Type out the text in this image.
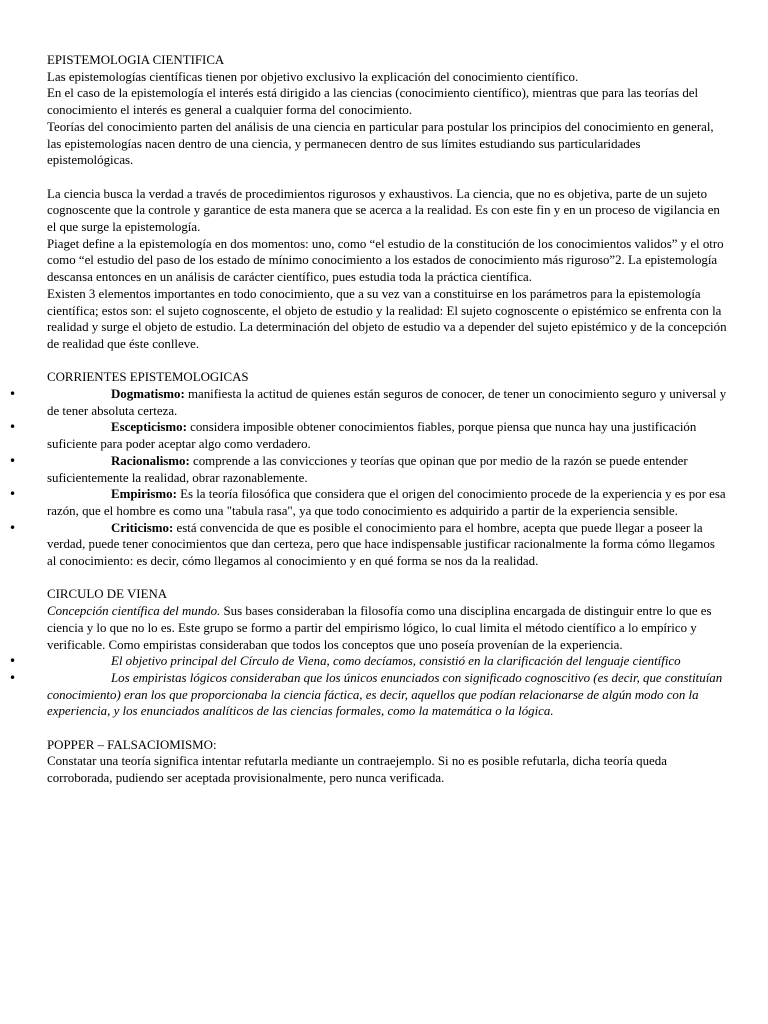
EPISTEMOLOGIA CIENTIFICA

Las epistemologías científicas tienen por objetivo exclusivo la explicación del conocimiento científico.

En el caso de la epistemología el interés está dirigido a las ciencias (conocimiento científico), mientras que para las teorías del conocimiento el interés es general a cualquier forma del conocimiento.

Teorías del conocimiento parten del análisis de una ciencia en particular para postular los principios del conocimiento en general, las epistemologías nacen dentro de una ciencia, y permanecen dentro de sus límites estudiando sus particularidades epistemológicas.

La ciencia busca la verdad a través de procedimientos rigurosos y exhaustivos. La ciencia, que no es objetiva, parte de un sujeto cognoscente que la controle y garantice de esta manera que se acerca a la realidad. Es con este fin y en un proceso de vigilancia en el que surge la epistemología.

Piaget define a la epistemología en dos momentos: uno, como “el estudio de la constitución de los conocimientos validos” y el otro como “el estudio del paso de los estado de mínimo conocimiento a los estados de conocimiento más riguroso”2. La epistemología descansa entonces en un análisis de carácter científico, pues estudia toda la práctica científica.

Existen 3 elementos importantes en todo conocimiento, que a su vez van a constituirse en los parámetros para la epistemología científica; estos son: el sujeto cognoscente, el objeto de estudio y la realidad: El sujeto cognoscente o epistémico se enfrenta con la realidad y surge el objeto de estudio. La determinación del objeto de estudio va a depender del sujeto epistémico y de la concepción de realidad que éste conlleve.

CORRIENTES EPISTEMOLOGICAS

•	Dogmatismo: manifiesta la actitud de quienes están seguros de conocer, de tener un conocimiento seguro y universal y de tener absoluta certeza.
•	Escepticismo: considera imposible obtener conocimientos fiables, porque piensa que nunca hay una justificación suficiente para poder aceptar algo como verdadero.
•	Racionalismo: comprende a las convicciones y teorías que opinan que por medio de la razón se puede entender suficientemente la realidad, obrar razonablemente.
•	Empirismo: Es la teoría filosófica que considera que el origen del conocimiento procede de la experiencia y es por esa razón, que el hombre es como una "tabula rasa", ya que todo conocimiento es adquirido a partir de la experiencia sensible.
•	Criticismo: está convencida de que es posible el conocimiento para el hombre, acepta que puede llegar a poseer la verdad, puede tener conocimientos que dan certeza, pero que hace indispensable justificar racionalmente la forma cómo llegamos al conocimiento: es decir, cómo llegamos al conocimiento y en qué forma se nos da la realidad.

CIRCULO DE VIENA

Concepción científica del mundo. Sus bases consideraban la filosofía como una disciplina encargada de distinguir entre lo que es ciencia y lo que no lo es. Este grupo se formo a partir del empirismo lógico, lo cual limita el método científico a lo empírico y verificable. Como empiristas consideraban que todos los conceptos que uno poseía provenían de la experiencia.

•	El objetivo principal del Círculo de Viena, como decíamos, consistió en la clarificación del lenguaje científico
•	Los empiristas lógicos consideraban que los únicos enunciados con significado cognoscitivo (es decir, que constituían conocimiento) eran los que proporcionaba la ciencia fáctica, es decir, aquellos que podían relacionarse de algún modo con la experiencia, y los enunciados analíticos de las ciencias formales, como la matemática o la lógica.

POPPER – FALSACIOMISMO:

Constatar una teoría significa intentar refutarla mediante un contraejemplo. Si no es posible refutarla, dicha teoría queda corroborada, pudiendo ser aceptada provisionalmente, pero nunca verificada.
